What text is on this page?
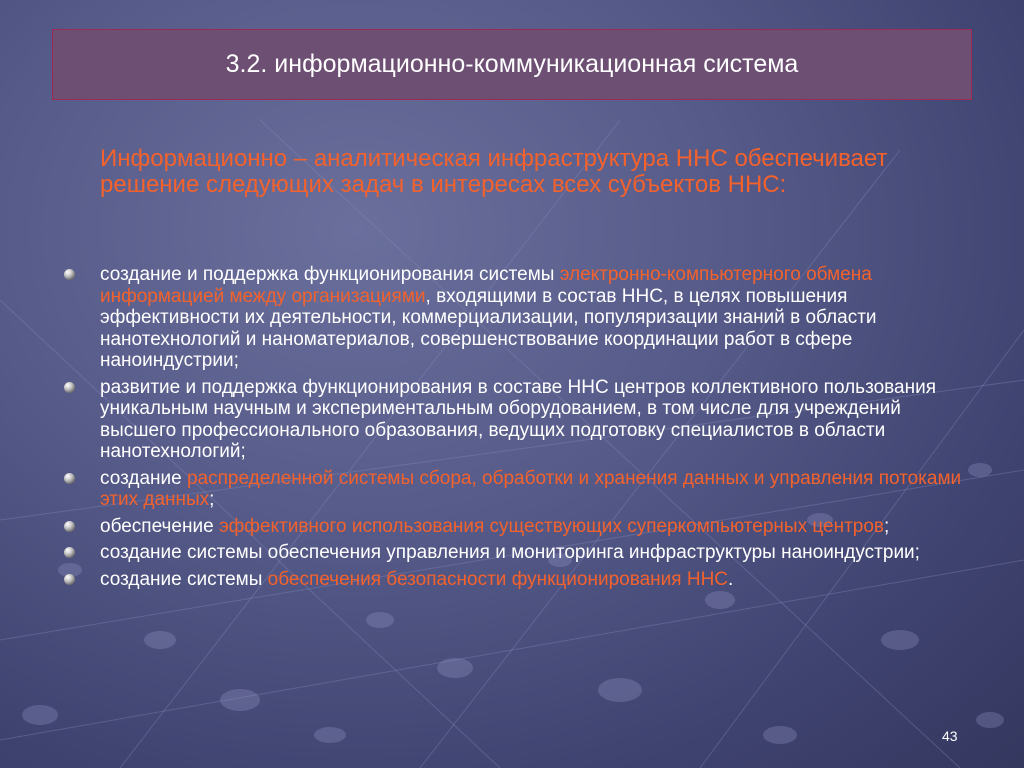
3.2. информационно-коммуникационная система

Информационно – аналитическая инфраструктура ННС обеспечивает решение следующих задач в интересах всех субъектов ННС:

создание и поддержка функционирования системы электронно-компьютерного обмена информацией между организациями, входящими в состав ННС, в целях повышения эффективности их деятельности, коммерциализации, популяризации знаний в области нанотехнологий и наноматериалов, совершенствование координации работ в сфере наноиндустрии;
развитие и поддержка функционирования в составе ННС центров коллективного пользования уникальным научным и экспериментальным оборудованием, в том числе для учреждений высшего профессионального образования, ведущих подготовку специалистов в области нанотехнологий;
создание распределенной системы сбора, обработки и хранения данных и управления потоками этих данных;
обеспечение эффективного использования существующих суперкомпьютерных центров;
создание системы обеспечения управления и мониторинга инфраструктуры наноиндустрии;
создание системы обеспечения безопасности функционирования ННС.
43
